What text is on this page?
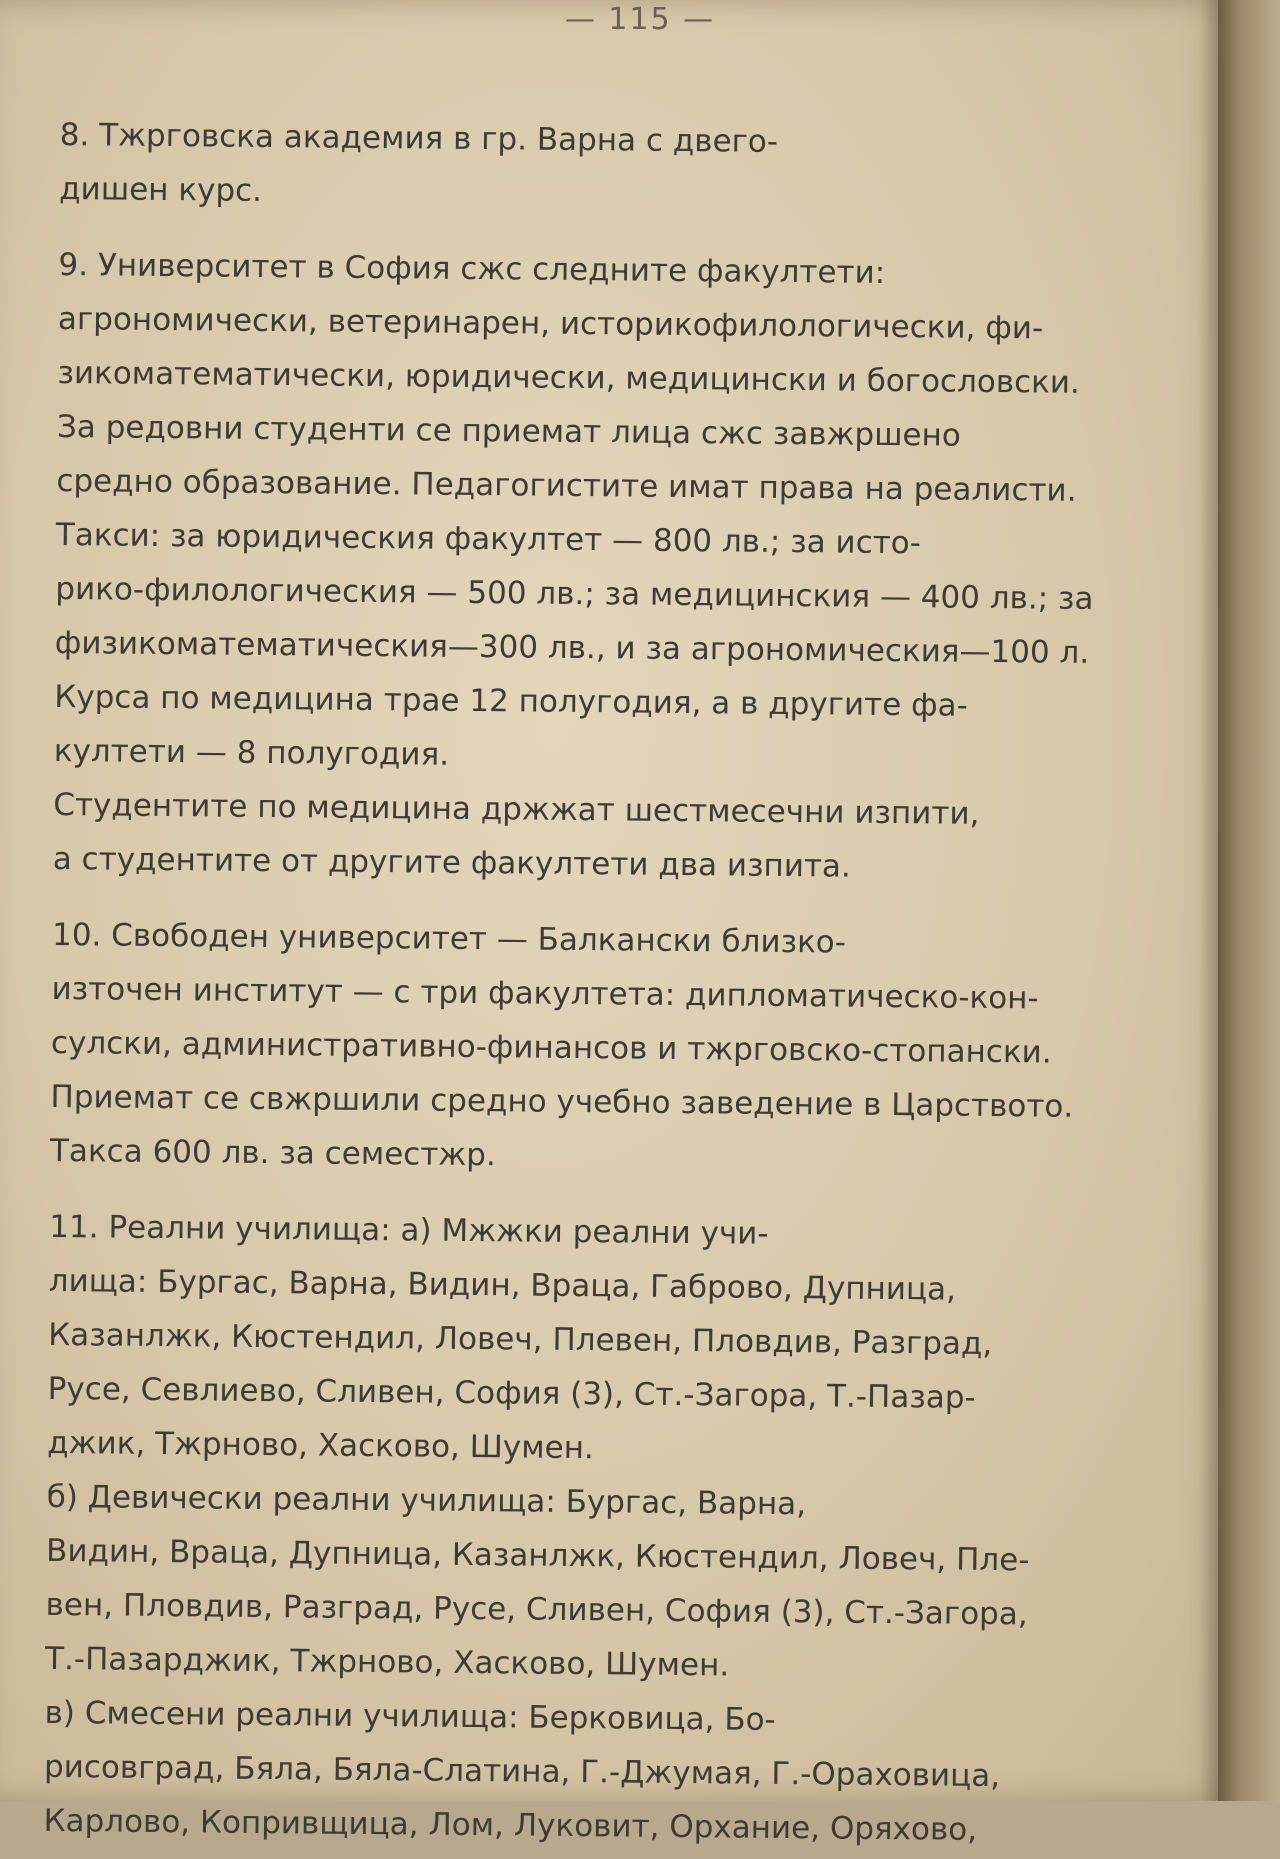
— 115 —
8. Тжрговска академия в гр. Варна с двего-
дишен курс.
9. Университет в София сжс следните факултети:
агрономически, ветеринарен, историкофилологически, фи-
зикоматематически, юридически, медицински и богословски.
За редовни студенти се приемат лица сжс завжршено
средно образование. Педагогистите имат права на реалисти.
Такси: за юридическия факултет — 800 лв.; за исто-
рико-филологическия — 500 лв.; за медицинския — 400 лв.; за
физикоматематическия—300 лв., и за агрономическия—100 л.
Курса по медицина трае 12 полугодия, а в другите фа-
култети — 8 полугодия.
Студентите по медицина држжат шестмесечни изпити,
а студентите от другите факултети два изпита.
10. Свободен университет — Балкански близко-
източен институт — с три факултета: дипломатическо-кон-
сулски, административно-финансов и тжрговско-стопански.
Приемат се свжршили средно учебно заведение в Царството.
Такса 600 лв. за семестжр.
11. Реални училища: а) Мжжки реални учи-
лища: Бургас, Варна, Видин, Враца, Габрово, Дупница,
Казанлжк, Кюстендил, Ловеч, Плевен, Пловдив, Разград,
Русе, Севлиево, Сливен, София (3), Ст.-Загора, Т.-Пазар-
джик, Тжрново, Хасково, Шумен.
б) Девически реални училища: Бургас, Варна,
Видин, Враца, Дупница, Казанлжк, Кюстендил, Ловеч, Пле-
вен, Пловдив, Разград, Русе, Сливен, София (3), Ст.-Загора,
Т.-Пазарджик, Тжрново, Хасково, Шумен.
в) Смесени реални училища: Берковица, Бо-
рисовград, Бяла, Бяла-Слатина, Г.-Джумая, Г.-Ораховица,
Карлово, Копривщица, Лом, Луковит, Орхание, Оряхово,
